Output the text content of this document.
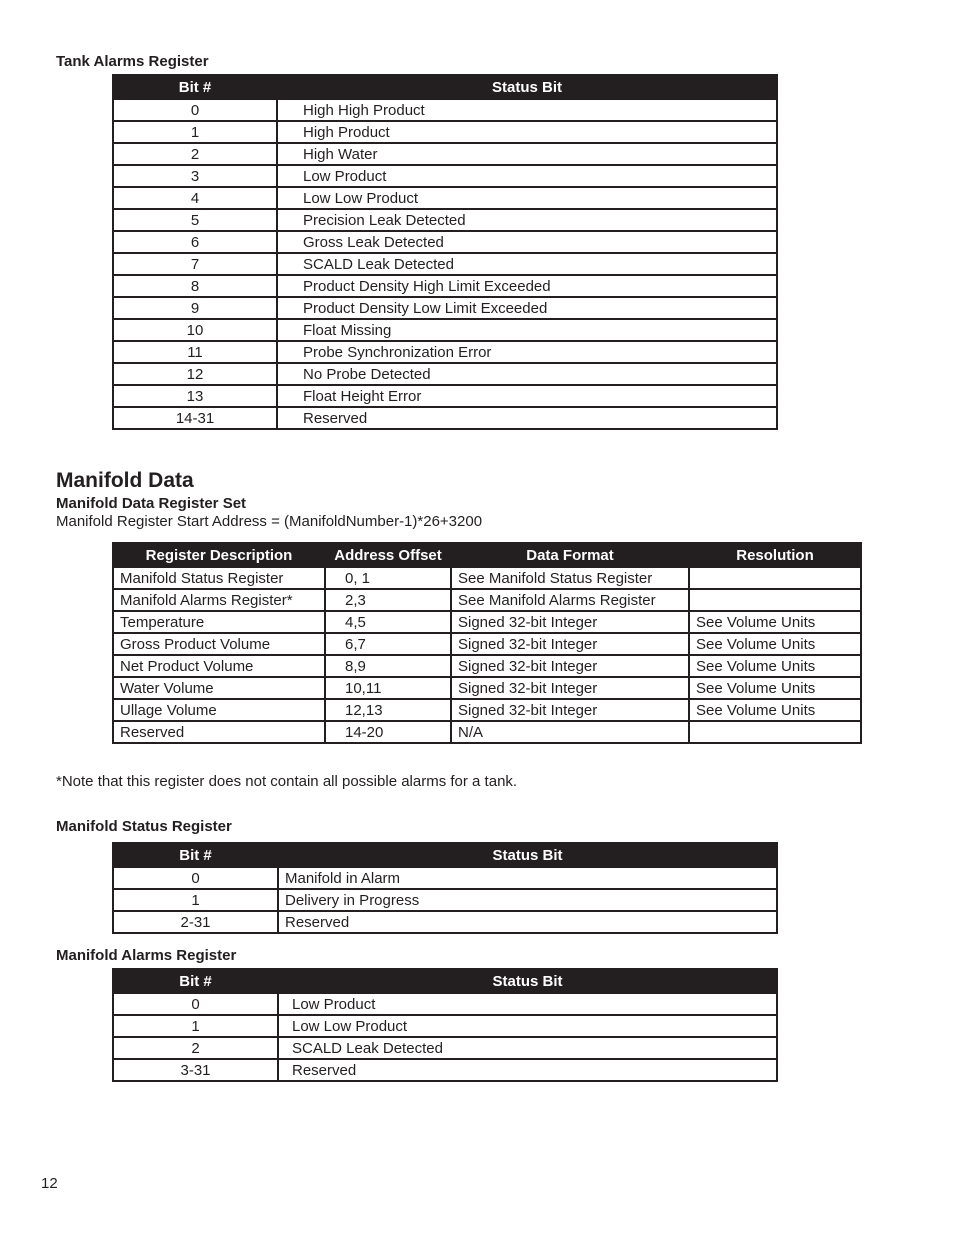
Tank Alarms Register
Bit #	Status Bit
0	High High Product
1	High Product
2	High Water
3	Low Product
4	Low Low Product
5	Precision Leak Detected
6	Gross Leak Detected
7	SCALD Leak Detected
8	Product Density High Limit Exceeded
9	Product Density Low Limit Exceeded
10	Float Missing
11	Probe Synchronization Error
12	No Probe Detected
13	Float Height Error
14-31	Reserved
Manifold Data
Manifold Data Register Set
Manifold Register Start Address = (ManifoldNumber-1)*26+3200
Register Description	Address Offset	Data Format	Resolution
Manifold Status Register	0, 1	See Manifold Status Register	
Manifold Alarms Register*	2,3	See Manifold Alarms Register	
Temperature	4,5	Signed 32-bit Integer	See Volume Units
Gross Product Volume	6,7	Signed 32-bit Integer	See Volume Units
Net Product Volume	8,9	Signed 32-bit Integer	See Volume Units
Water Volume	10,11	Signed 32-bit Integer	See Volume Units
Ullage Volume	12,13	Signed 32-bit Integer	See Volume Units
Reserved	14-20	N/A	
*Note that this register does not contain all possible alarms for a tank.
Manifold Status Register
Bit #	Status Bit
0	Manifold in Alarm
1	Delivery in Progress
2-31	Reserved
Manifold Alarms Register
Bit #	Status Bit
0	Low Product
1	Low Low Product
2	SCALD Leak Detected
3-31	Reserved
12
